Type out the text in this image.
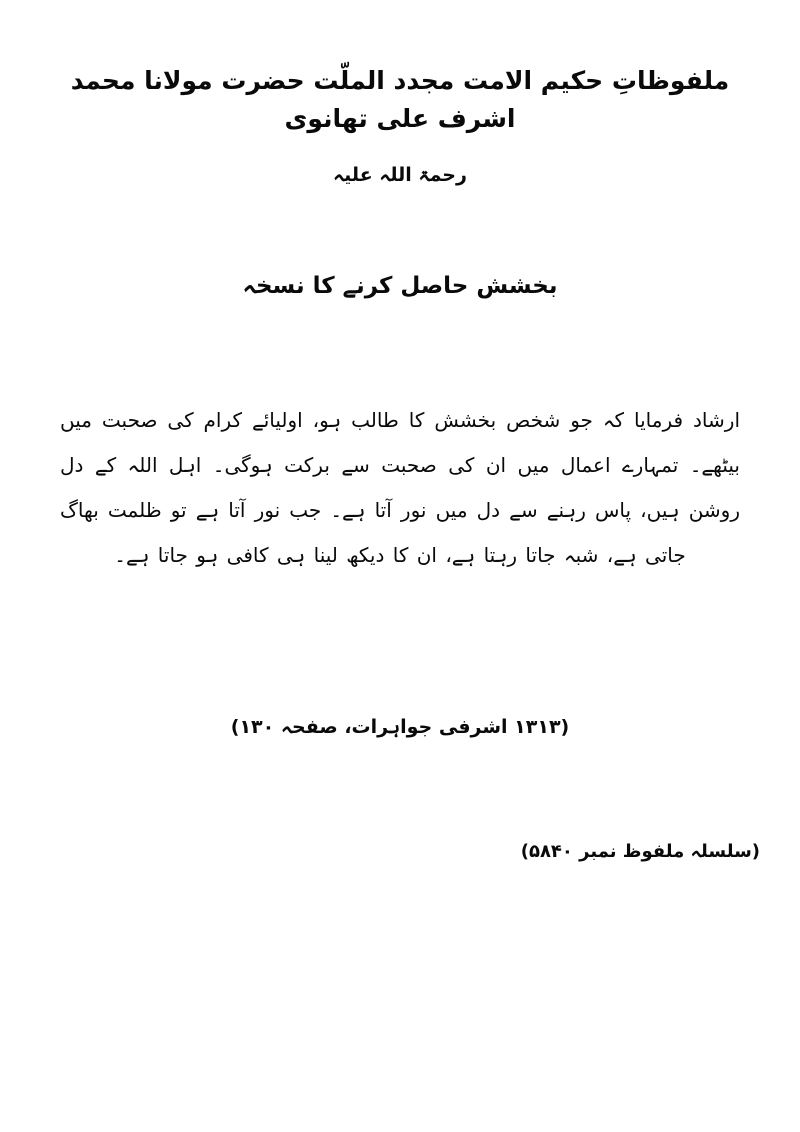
ملفوظاتِ حکیم الامت مجدد الملّت حضرت مولانا محمد اشرف علی تھانوی
رحمۃ اللہ علیہ
بخشش حاصل کرنے کا نسخہ
ارشاد فرمایا کہ جو شخص بخشش کا طالب ہو، اولیائے کرام کی صحبت میں بیٹھے۔ تمہارے اعمال میں ان کی صحبت سے برکت ہوگی۔ اہل اللہ کے دل روشن ہیں، پاس رہنے سے دل میں نور آتا ہے۔ جب نور آتا ہے تو ظلمت بھاگ جاتی ہے، شبہ جاتا رہتا ہے، ان کا دیکھ لینا ہی کافی ہو جاتا ہے۔
(۱۳۱۳ اشرفی جواہرات، صفحہ ۱۳۰)
(سلسلہ ملفوظ نمبر ۵۸۴۰)
